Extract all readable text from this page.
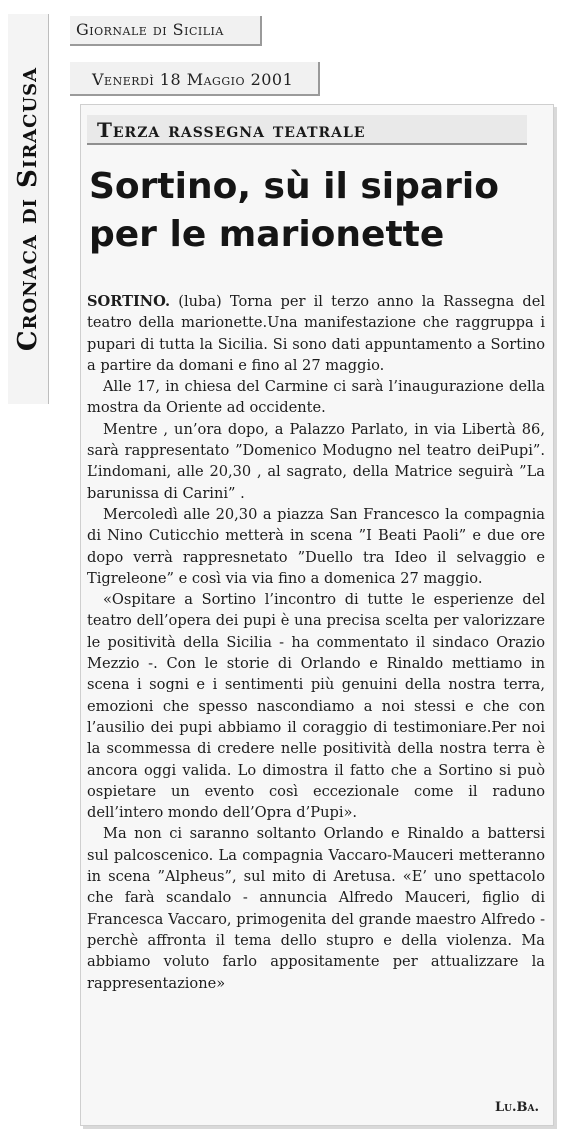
Cronaca di Siracusa
Giornale di Sicilia
Venerdì 18 Maggio 2001

Terza rassegna teatrale
Sortino, sù il sipario
per le marionette

SORTINO. (luba) Torna per il terzo anno la Rassegna del teatro della marionette.Una manifestazione che raggruppa i pupari di tutta la Sicilia. Si sono dati appuntamento a Sortino a partire da domani e fino al 27 maggio.

Alle 17, in chiesa del Carmine ci sarà l’inaugurazione della mostra da Oriente ad occidente.

Mentre , un’ora dopo, a Palazzo Parlato, in via Libertà 86, sarà rappresentato ”Domenico Modugno nel teatro deiPupi”. L’indomani, alle 20,30 , al sagrato, della Matrice seguirà ”La barunissa di Carini” .

Mercoledì alle 20,30 a piazza San Francesco la compagnia di Nino Cuticchio metterà in scena ”I Beati Paoli” e due ore dopo verrà rappresnetato ”Duello tra Ideo il selvaggio e Tigreleone” e così via via fino a domenica 27 maggio.

«Ospitare a Sortino l’incontro di tutte le esperienze del teatro dell’opera dei pupi è una precisa scelta per valorizzare le positività della Sicilia - ha commentato il sindaco Orazio Mezzio -. Con le storie di Orlando e Rinaldo mettiamo in scena i sogni e i sentimenti più genuini della nostra terra, emozioni che spesso nascondiamo a noi stessi e che con l’ausilio dei pupi abbiamo il coraggio di testimoniare.Per noi la scommessa di credere nelle positività della nostra terra è ancora oggi valida. Lo dimostra il fatto che a Sortino si può ospietare un evento così eccezionale come il raduno dell’intero mondo dell’Opra d’Pupi».

Ma non ci saranno soltanto Orlando e Rinaldo a battersi sul palcoscenico. La compagnia Vaccaro-Mauceri metteranno in scena ”Alpheus”, sul mito di Aretusa. «E’ uno spettacolo che farà scandalo - annuncia Alfredo Mauceri, figlio di Francesca Vaccaro, primogenita del grande maestro Alfredo - perchè affronta il tema dello stupro e della violenza. Ma abbiamo voluto farlo appositamente per attualizzare la rappresentazione»

Lu.Ba.
